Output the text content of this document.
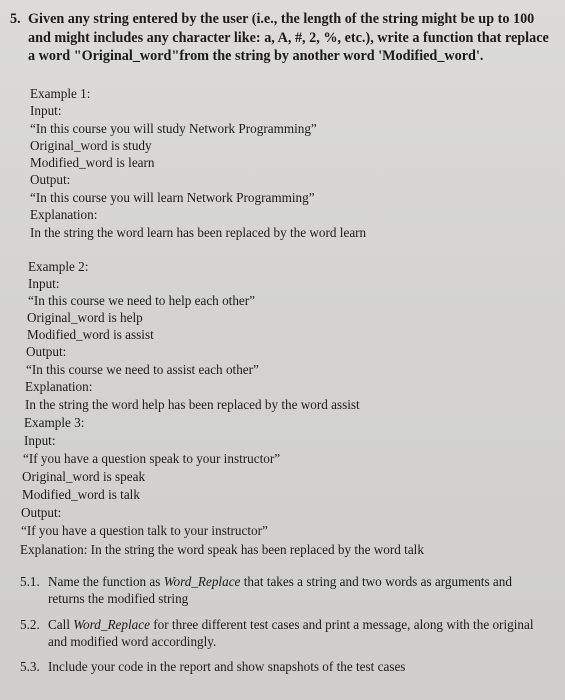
5. Given any string entered by the user (i.e., the length of the string might be up to 100 and might includes any character like: a, A, #, 2, %, etc.), write a function that replace a word "Original_word"from the string by another word 'Modified_word'.
Example 1:
Input:
“In this course you will study Network Programming”
Original_word is study
Modified_word is learn
Output:
“In this course you will learn Network Programming”
Explanation:
In the string the word learn has been replaced by the word learn
Example 2:
Input:
“In this course we need to help each other”
Original_word is help
Modified_word is assist
Output:
“In this course we need to assist each other”
Explanation:
In the string the word help has been replaced by the word assist
Example 3:
Input:
“If you have a question speak to your instructor”
Original_word is speak
Modified_word is talk
Output:
“If you have a question talk to your instructor”
Explanation: In the string the word speak has been replaced by the word talk
5.1. Name the function as Word_Replace that takes a string and two words as arguments and returns the modified string
5.2. Call Word_Replace for three different test cases and print a message, along with the original and modified word accordingly.
5.3. Include your code in the report and show snapshots of the test cases
